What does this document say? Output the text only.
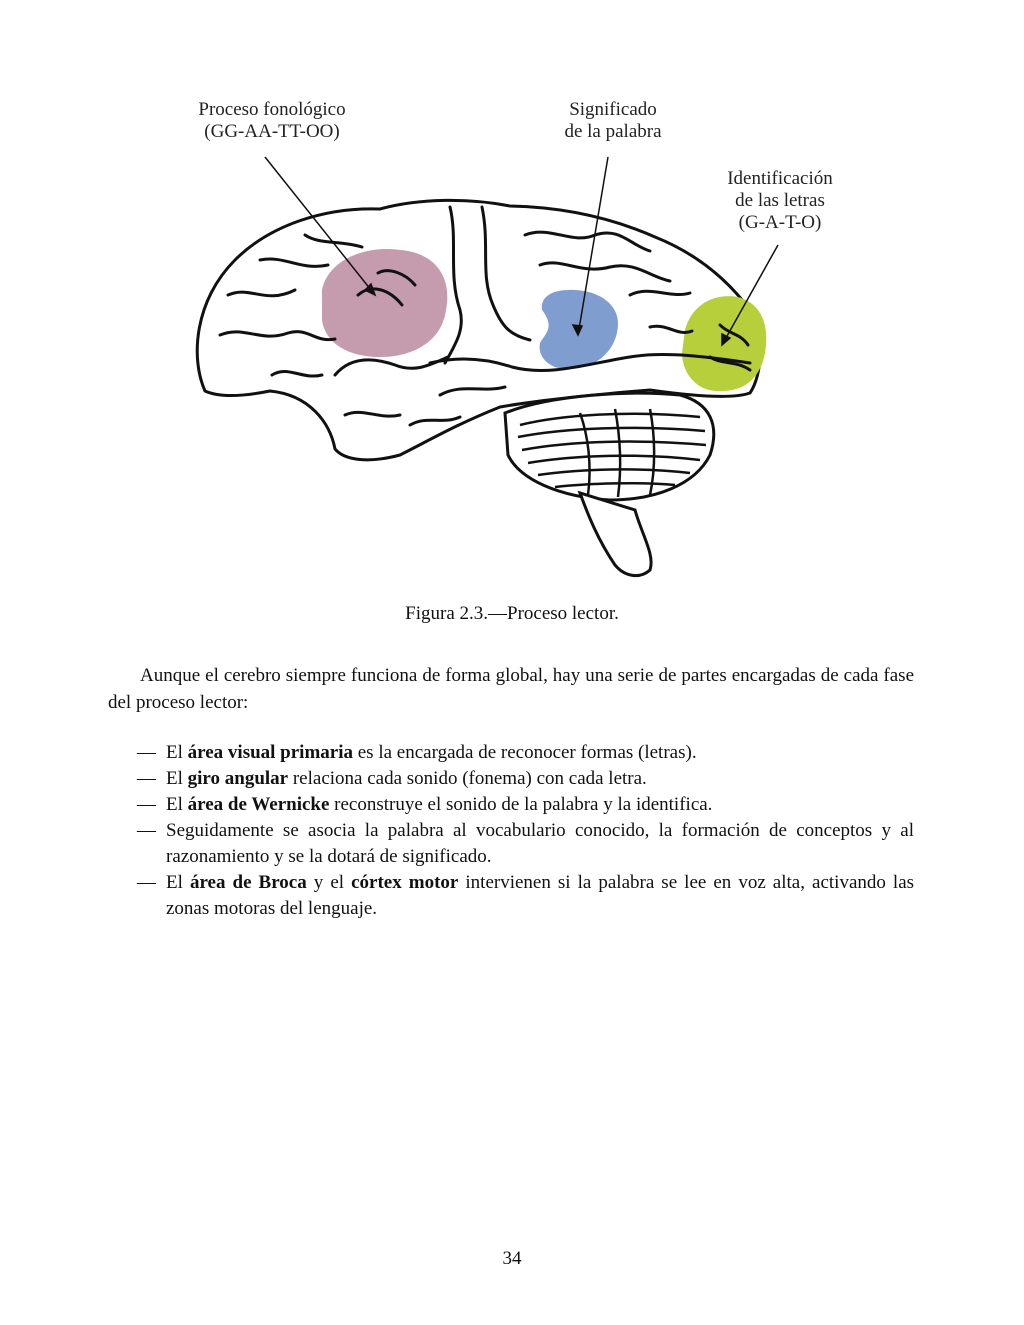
Proceso fonológico
(GG-AA-TT-OO)
Significado
de la palabra
Identificación
de las letras
(G-A-T-O)
Figura 2.3.—Proceso lector.
Aunque el cerebro siempre funciona de forma global, hay una serie de partes encargadas de cada fase del proceso lector:
— El área visual primaria es la encargada de reconocer formas (letras).
— El giro angular relaciona cada sonido (fonema) con cada letra.
— El área de Wernicke reconstruye el sonido de la palabra y la identifica.
— Seguidamente se asocia la palabra al vocabulario conocido, la formación de conceptos y al razonamiento y se la dotará de significado.
— El área de Broca y el córtex motor intervienen si la palabra se lee en voz alta, activando las zonas motoras del lenguaje.
34
